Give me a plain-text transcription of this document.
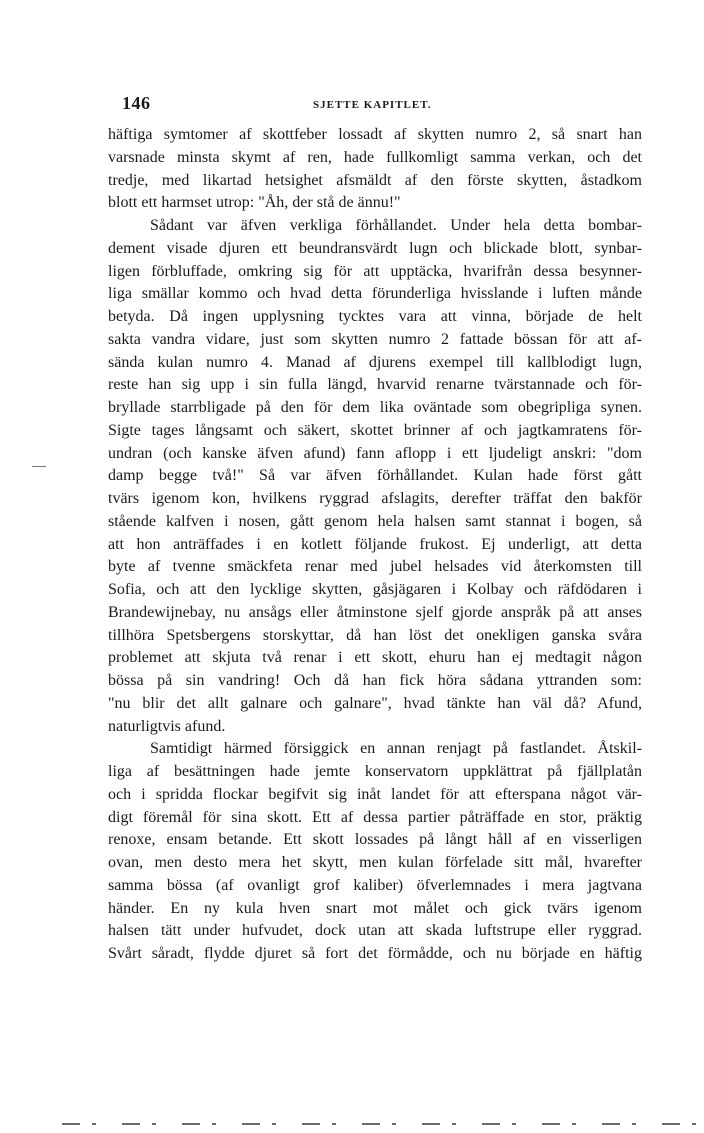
146	SJETTE KAPITLET.
häftiga symtomer af skottfeber lossadt af skytten numro 2, så snart han
varsnade minsta skymt af ren, hade fullkomligt samma verkan, och det
tredje, med likartad hetsighet afsmäldt af den förste skytten, åstadkom
blott ett harmset utrop: "Åh, der stå de ännu!"
Sådant var äfven verkliga förhållandet. Under hela detta bombar-
dement visade djuren ett beundransvärdt lugn och blickade blott, synbar-
ligen förbluffade, omkring sig för att upptäcka, hvarifrån dessa besynner-
liga smällar kommo och hvad detta förunderliga hvisslande i luften månde
betyda. Då ingen upplysning tycktes vara att vinna, började de helt
sakta vandra vidare, just som skytten numro 2 fattade bössan för att af-
sända kulan numro 4. Manad af djurens exempel till kallblodigt lugn,
reste han sig upp i sin fulla längd, hvarvid renarne tvärstannade och för-
bryllade starrbligade på den för dem lika oväntade som obegripliga synen.
Sigte tages långsamt och säkert, skottet brinner af och jagtkamratens för-
undran (och kanske äfven afund) fann aflopp i ett ljudeligt anskri: "dom
damp begge två!" Så var äfven förhållandet. Kulan hade först gått
tvärs igenom kon, hvilkens ryggrad afslagits, derefter träffat den bakför
stående kalfven i nosen, gått genom hela halsen samt stannat i bogen, så
att hon anträffades i en kotlett följande frukost. Ej underligt, att detta
byte af tvenne smäckfeta renar med jubel helsades vid återkomsten till
Sofia, och att den lycklige skytten, gåsjägaren i Kolbay och räfdödaren i
Brandewijnebay, nu ansågs eller åtminstone sjelf gjorde anspråk på att anses
tillhöra Spetsbergens storskyttar, då han löst det onekligen ganska svåra
problemet att skjuta två renar i ett skott, ehuru han ej medtagit någon
bössa på sin vandring! Och då han fick höra sådana yttranden som:
"nu blir det allt galnare och galnare", hvad tänkte han väl då? Afund,
naturligtvis afund.
Samtidigt härmed försiggick en annan renjagt på fastlandet. Åtskil-
liga af besättningen hade jemte konservatorn uppklättrat på fjällplatån
och i spridda flockar begifvit sig inåt landet för att efterspana något vär-
digt föremål för sina skott. Ett af dessa partier påträffade en stor, präktig
renoxe, ensam betande. Ett skott lossades på långt håll af en visserligen
ovan, men desto mera het skytt, men kulan förfelade sitt mål, hvarefter
samma bössa (af ovanligt grof kaliber) öfverlemnades i mera jagtvana
händer. En ny kula hven snart mot målet och gick tvärs igenom
halsen tätt under hufvudet, dock utan att skada luftstrupe eller ryggrad.
Svårt såradt, flydde djuret så fort det förmådde, och nu började en häftig
